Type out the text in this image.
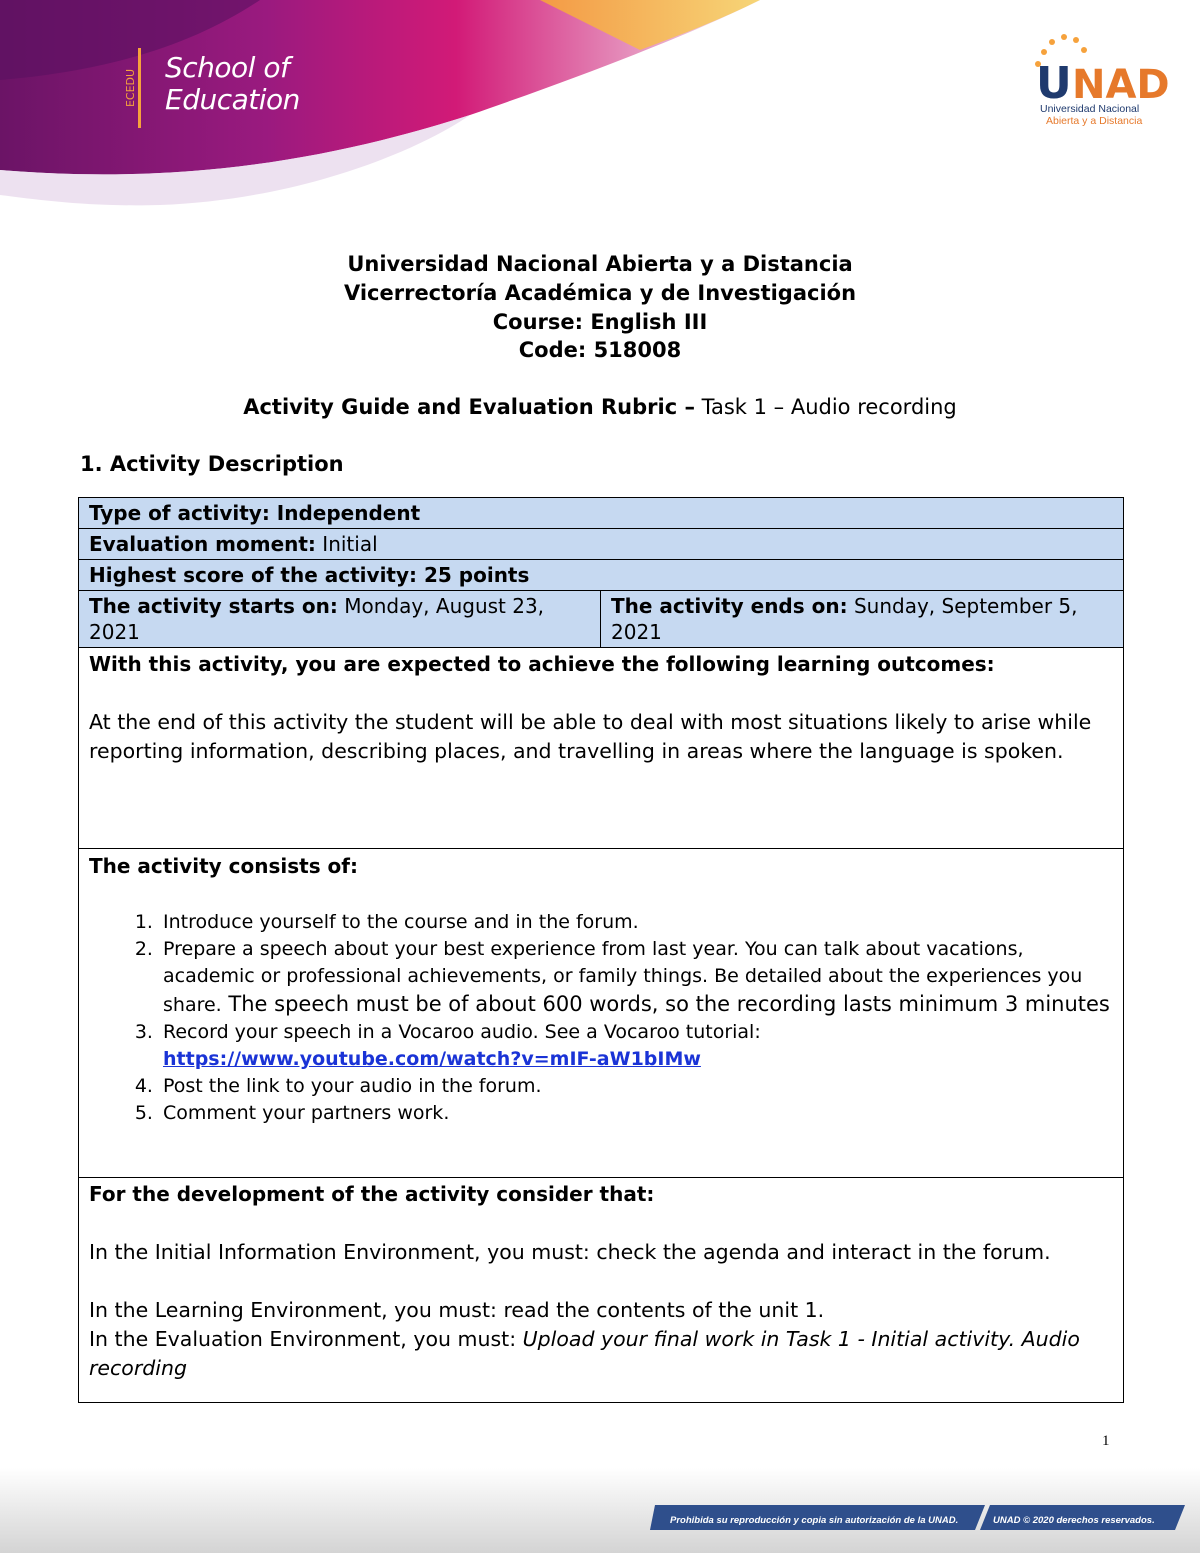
ECEDU
School of
Education	U NAD
Universidad Nacional
Abierta y a Distancia
Universidad Nacional Abierta y a Distancia
Vicerrectoría Académica y de Investigación
Course: English III
Code: 518008
Activity Guide and Evaluation Rubric – Task 1 – Audio recording
1. Activity Description
Type of activity: Independent
Evaluation moment: Initial
Highest score of the activity: 25 points
The activity starts on: Monday, August 23, 2021	The activity ends on: Sunday, September 5, 2021

With this activity, you are expected to achieve the following learning outcomes:
At the end of this activity the student will be able to deal with most situations likely to arise while reporting information, describing places, and travelling in areas where the language is spoken.

The activity consists of:
1. Introduce yourself to the course and in the forum.
2. Prepare a speech about your best experience from last year. You can talk about vacations, academic or professional achievements, or family things. Be detailed about the experiences you share. The speech must be of about 600 words, so the recording lasts minimum 3 minutes
3. Record your speech in a Vocaroo audio. See a Vocaroo tutorial:
https://www.youtube.com/watch?v=mIF-aW1bIMw
4. Post the link to your audio in the forum.
5. Comment your partners work.

For the development of the activity consider that:
In the Initial Information Environment, you must: check the agenda and interact in the forum.
In the Learning Environment, you must: read the contents of the unit 1.
In the Evaluation Environment, you must: Upload your final work in Task 1 - Initial activity. Audio recording
1
Prohibida su reproducción y copia sin autorización de la UNAD.	UNAD © 2020 derechos reservados.
